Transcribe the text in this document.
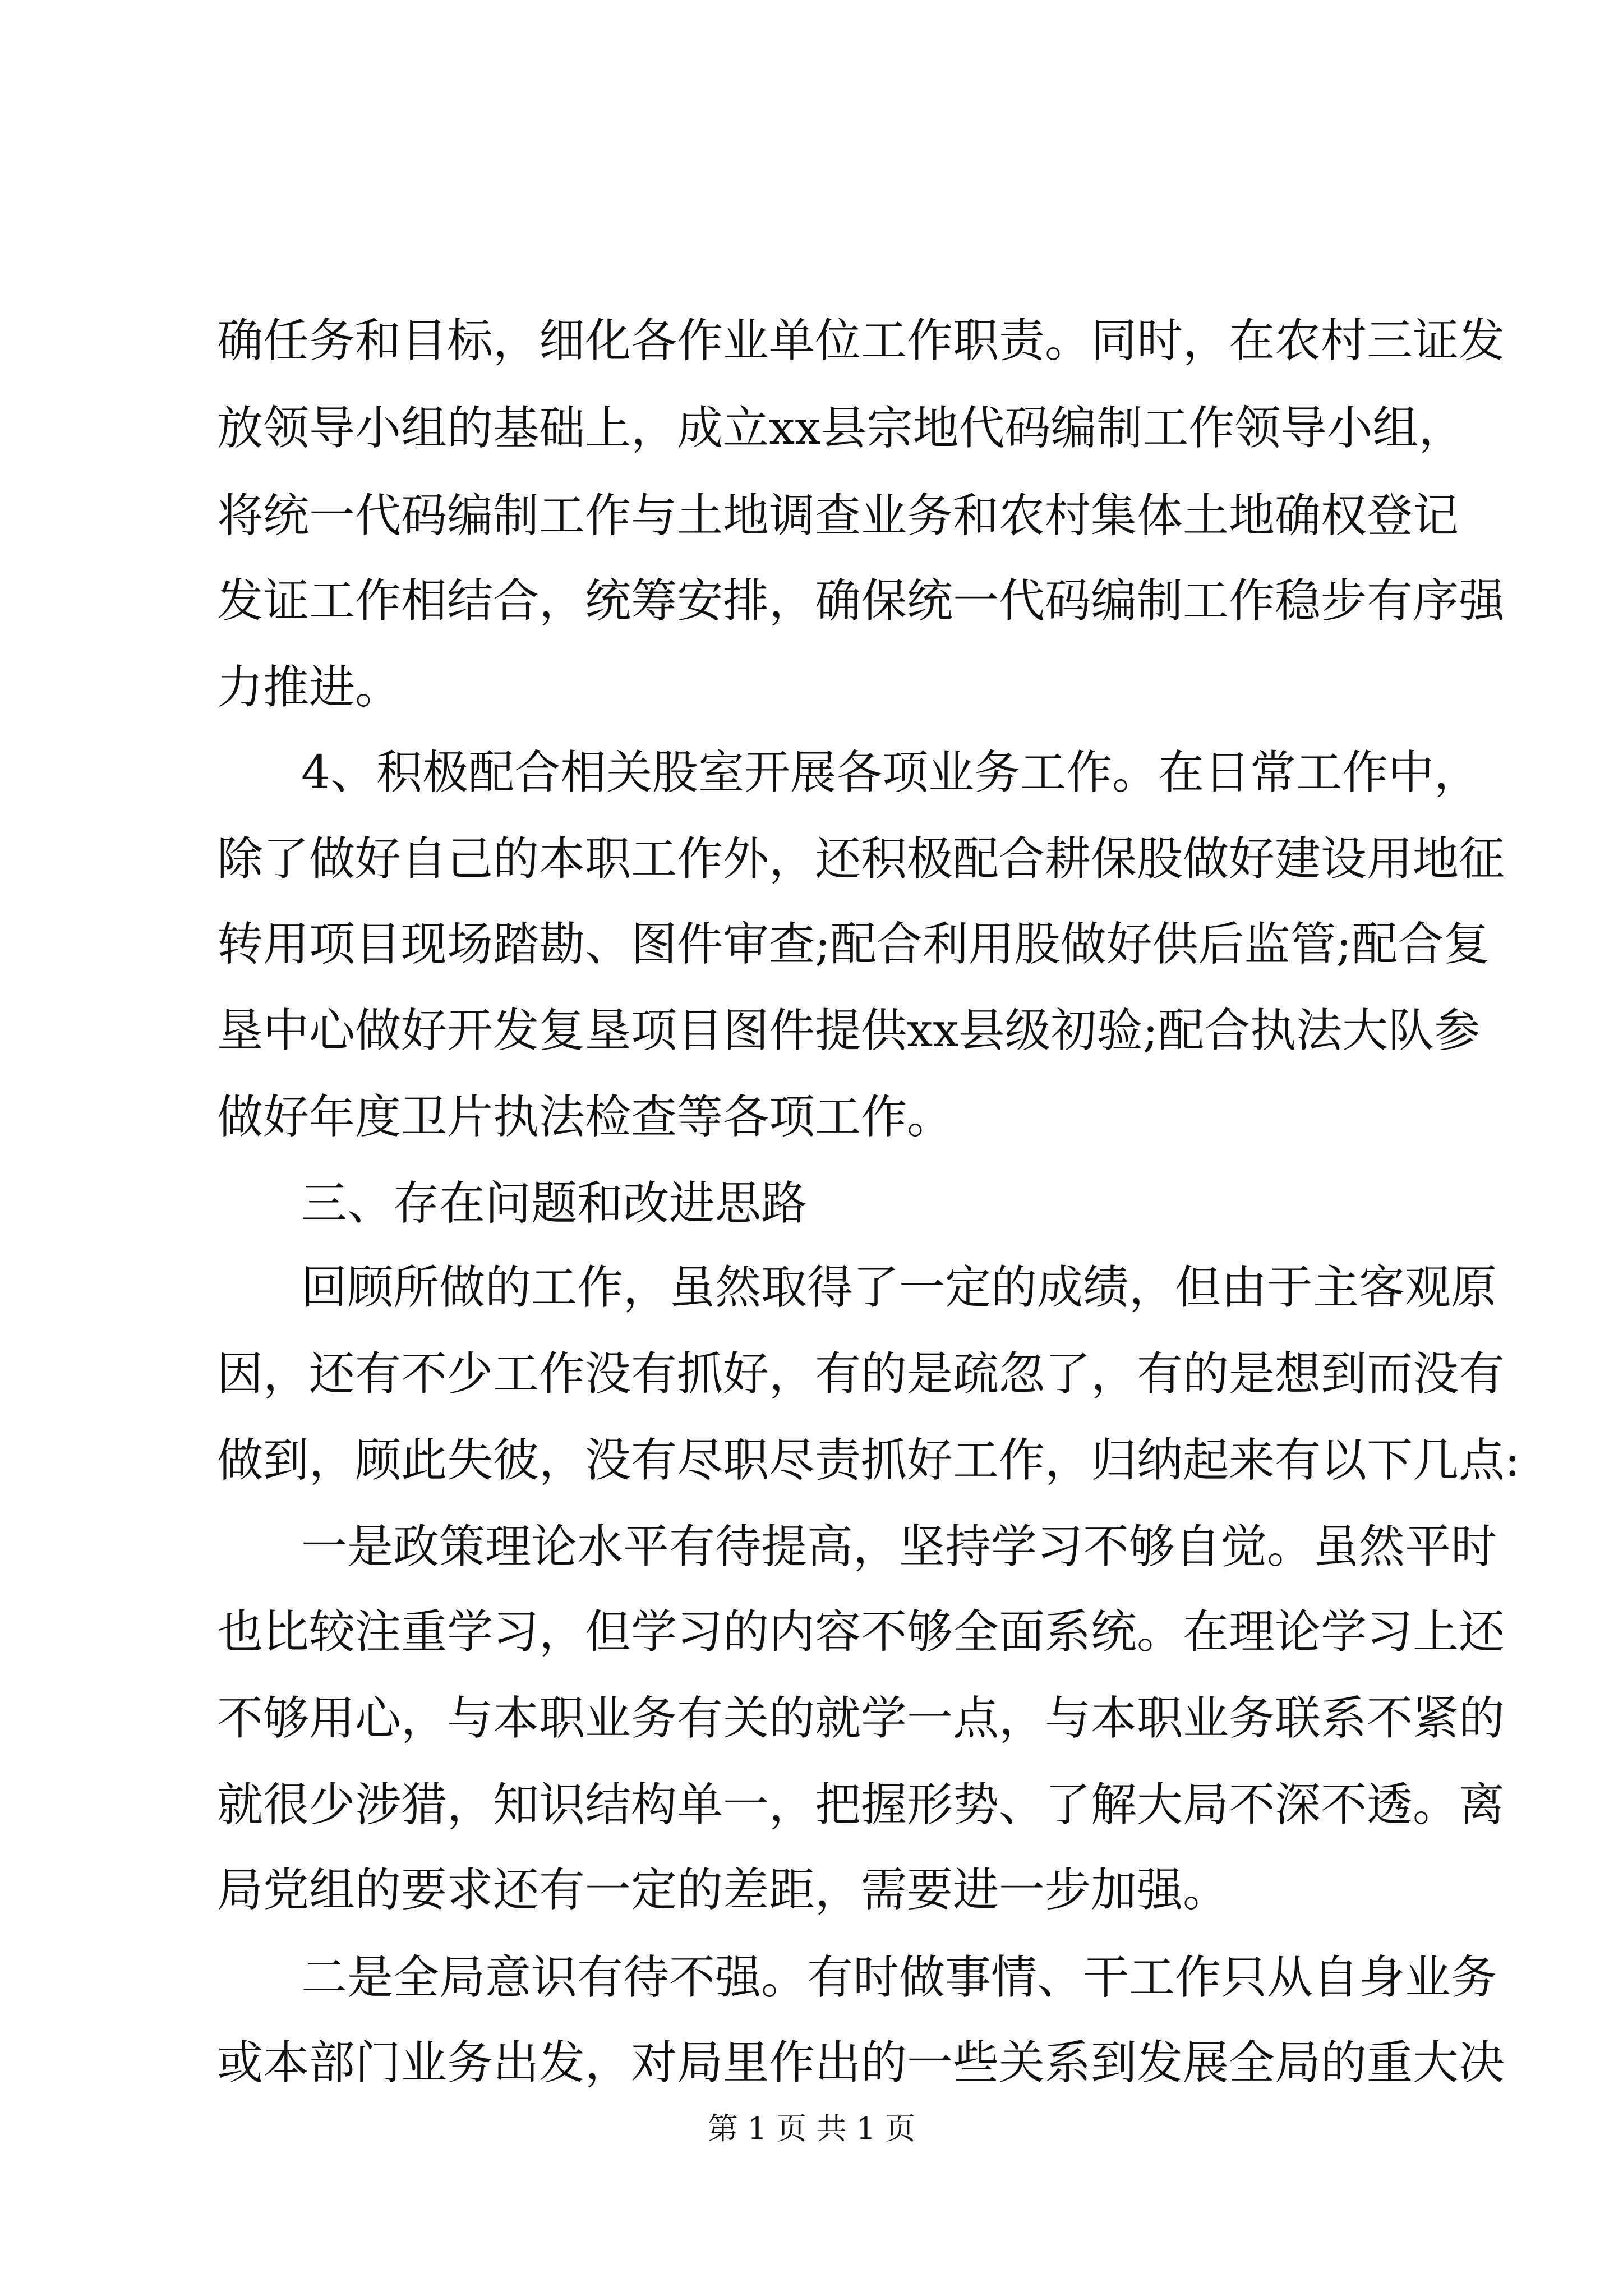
确任务和目标，细化各作业单位工作职责。同时，在农村三证发
放领导小组的基础上，成立xx县宗地代码编制工作领导小组，
将统一代码编制工作与土地调查业务和农村集体土地确权登记
发证工作相结合，统筹安排，确保统一代码编制工作稳步有序强
力推进。
4、积极配合相关股室开展各项业务工作。在日常工作中，
除了做好自己的本职工作外，还积极配合耕保股做好建设用地征
转用项目现场踏勘、图件审查;配合利用股做好供后监管;配合复
垦中心做好开发复垦项目图件提供xx县级初验;配合执法大队参
做好年度卫片执法检查等各项工作。
三、存在问题和改进思路
回顾所做的工作，虽然取得了一定的成绩，但由于主客观原
因，还有不少工作没有抓好，有的是疏忽了，有的是想到而没有
做到，顾此失彼，没有尽职尽责抓好工作，归纳起来有以下几点:
一是政策理论水平有待提高，坚持学习不够自觉。虽然平时
也比较注重学习，但学习的内容不够全面系统。在理论学习上还
不够用心，与本职业务有关的就学一点，与本职业务联系不紧的
就很少涉猎，知识结构单一，把握形势、了解大局不深不透。离
局党组的要求还有一定的差距，需要进一步加强。
二是全局意识有待不强。有时做事情、干工作只从自身业务
或本部门业务出发，对局里作出的一些关系到发展全局的重大决
第 1 页 共 1 页
